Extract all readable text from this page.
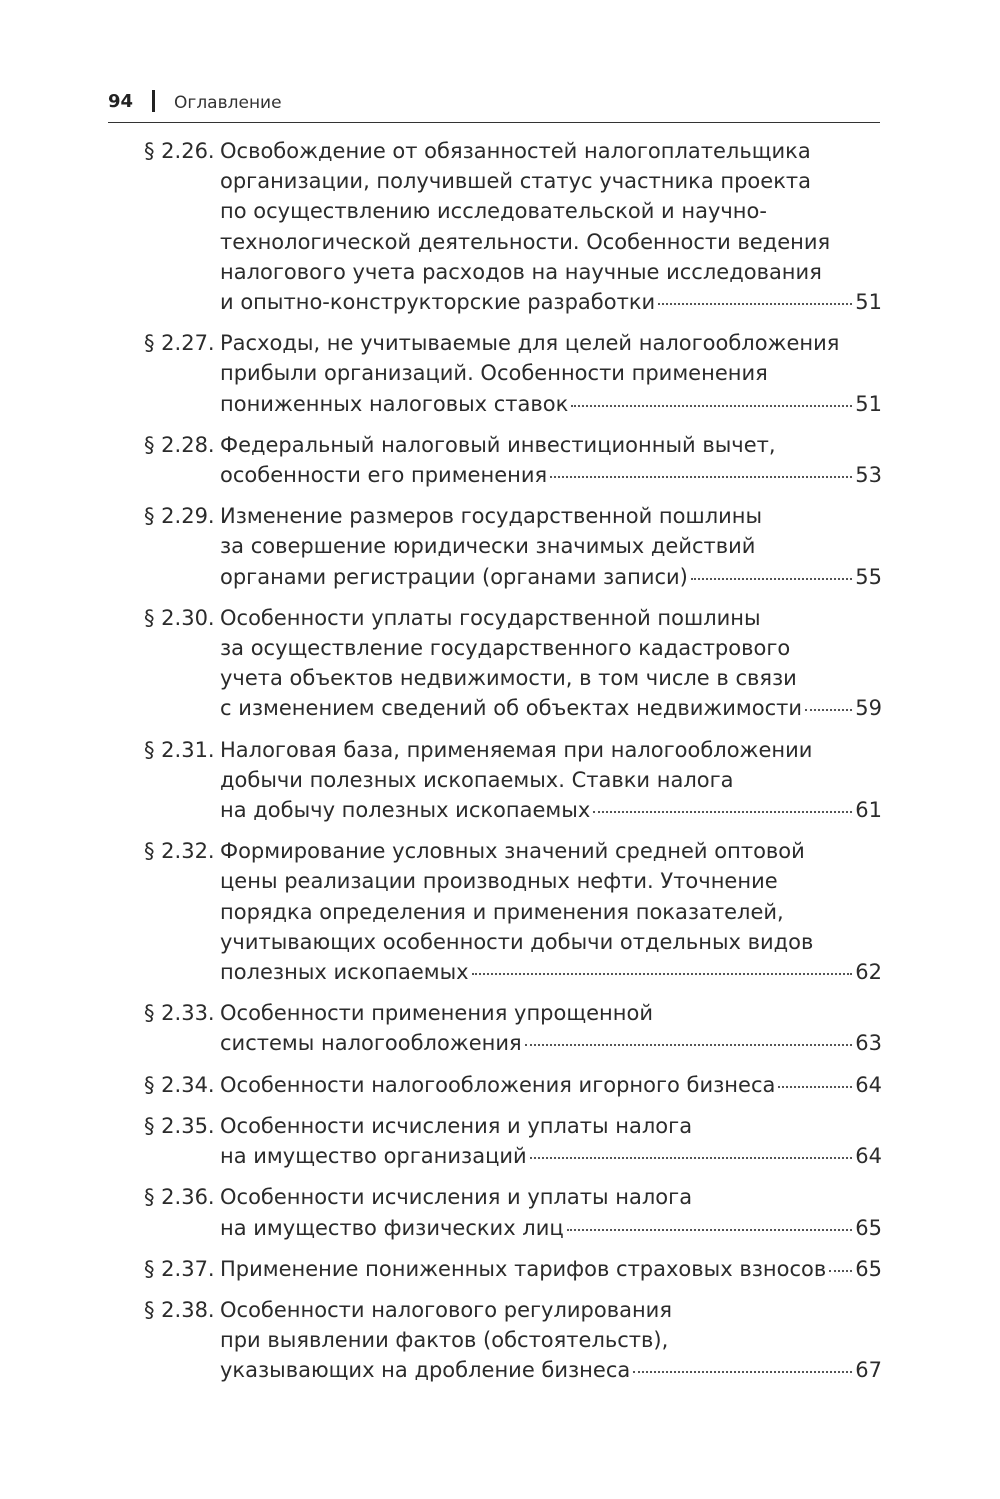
94 Оглавление
§ 2.26. Освобождение от обязанностей налогоплательщика
организации, получившей статус участника проекта
по осуществлению исследовательской и научно-
технологической деятельности. Особенности ведения
налогового учета расходов на научные исследования
и опытно-конструкторские разработки	51
§ 2.27. Расходы, не учитываемые для целей налогообложения
прибыли организаций. Особенности применения
пониженных налоговых ставок	51
§ 2.28. Федеральный налоговый инвестиционный вычет,
особенности его применения	53
§ 2.29. Изменение размеров государственной пошлины
за совершение юридически значимых действий
органами регистрации (органами записи)	55
§ 2.30. Особенности уплаты государственной пошлины
за осуществление государственного кадастрового
учета объектов недвижимости, в том числе в связи
с изменением сведений об объектах недвижимости	59
§ 2.31. Налоговая база, применяемая при налогообложении
добычи полезных ископаемых. Ставки налога
на добычу полезных ископаемых	61
§ 2.32. Формирование условных значений средней оптовой
цены реализации производных нефти. Уточнение
порядка определения и применения показателей,
учитывающих особенности добычи отдельных видов
полезных ископаемых	62
§ 2.33. Особенности применения упрощенной
системы налогообложения	63
§ 2.34. Особенности налогообложения игорного бизнеса	64
§ 2.35. Особенности исчисления и уплаты налога
на имущество организаций	64
§ 2.36. Особенности исчисления и уплаты налога
на имущество физических лиц	65
§ 2.37. Применение пониженных тарифов страховых взносов 65
§ 2.38. Особенности налогового регулирования
при выявлении фактов (обстоятельств),
указывающих на дробление бизнеса	67
